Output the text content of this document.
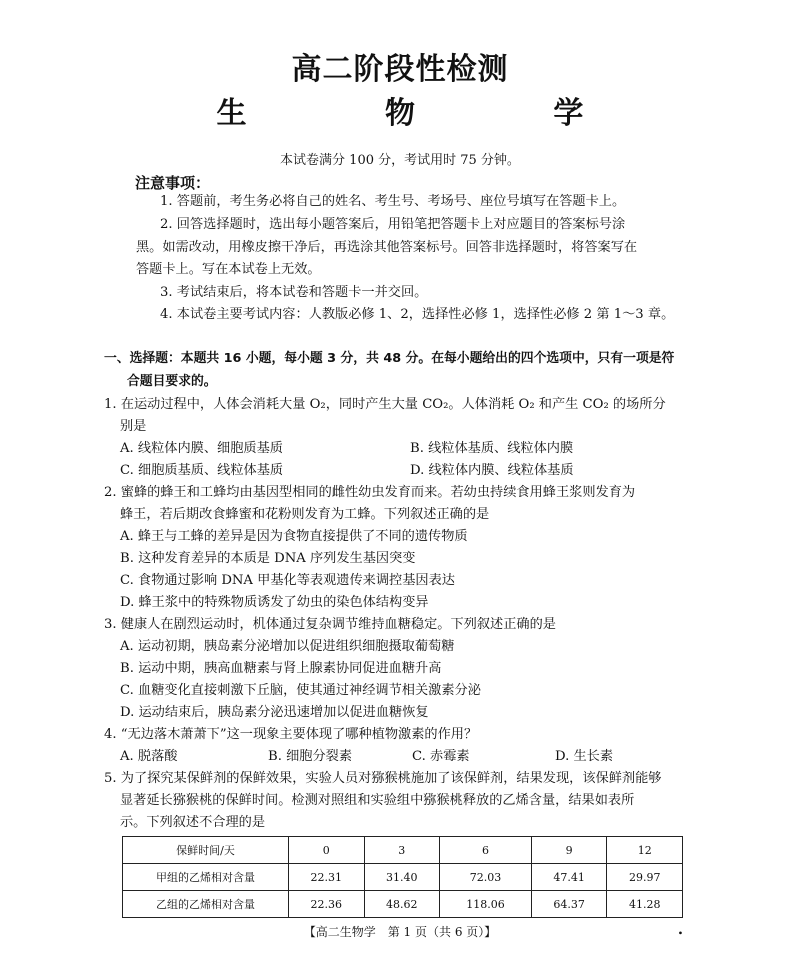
高二阶段性检测
生 物 学
本试卷满分 100 分，考试用时 75 分钟。
注意事项：
1. 答题前，考生务必将自己的姓名、考生号、考场号、座位号填写在答题卡上。
2. 回答选择题时，选出每小题答案后，用铅笔把答题卡上对应题目的答案标号涂
黑。如需改动，用橡皮擦干净后，再选涂其他答案标号。回答非选择题时，将答案写在
答题卡上。写在本试卷上无效。
3. 考试结束后，将本试卷和答题卡一并交回。
4. 本试卷主要考试内容：人教版必修 1、2，选择性必修 1，选择性必修 2 第 1～3 章。
一、选择题：本题共 16 小题，每小题 3 分，共 48 分。在每小题给出的四个选项中，只有一项是符
合题目要求的。
1. 在运动过程中，人体会消耗大量 O₂，同时产生大量 CO₂。人体消耗 O₂ 和产生 CO₂ 的场所分
别是
A. 线粒体内膜、细胞质基质	B. 线粒体基质、线粒体内膜
C. 细胞质基质、线粒体基质	D. 线粒体内膜、线粒体基质
2. 蜜蜂的蜂王和工蜂均由基因型相同的雌性幼虫发育而来。若幼虫持续食用蜂王浆则发育为
蜂王，若后期改食蜂蜜和花粉则发育为工蜂。下列叙述正确的是
A. 蜂王与工蜂的差异是因为食物直接提供了不同的遗传物质
B. 这种发育差异的本质是 DNA 序列发生基因突变
C. 食物通过影响 DNA 甲基化等表观遗传来调控基因表达
D. 蜂王浆中的特殊物质诱发了幼虫的染色体结构变异
3. 健康人在剧烈运动时，机体通过复杂调节维持血糖稳定。下列叙述正确的是
A. 运动初期，胰岛素分泌增加以促进组织细胞摄取葡萄糖
B. 运动中期，胰高血糖素与肾上腺素协同促进血糖升高
C. 血糖变化直接刺激下丘脑，使其通过神经调节相关激素分泌
D. 运动结束后，胰岛素分泌迅速增加以促进血糖恢复
4. “无边落木萧萧下”这一现象主要体现了哪种植物激素的作用？
A. 脱落酸	B. 细胞分裂素	C. 赤霉素	D. 生长素
5. 为了探究某保鲜剂的保鲜效果，实验人员对猕猴桃施加了该保鲜剂，结果发现，该保鲜剂能够
显著延长猕猴桃的保鲜时间。检测对照组和实验组中猕猴桃释放的乙烯含量，结果如表所
示。下列叙述不合理的是
保鲜时间/天	0	3	6	9	12
甲组的乙烯相对含量	22.31	31.40	72.03	47.41	29.97
乙组的乙烯相对含量	22.36	48.62	118.06	64.37	41.28
【高二生物学　第 1 页（共 6 页）】	∙
